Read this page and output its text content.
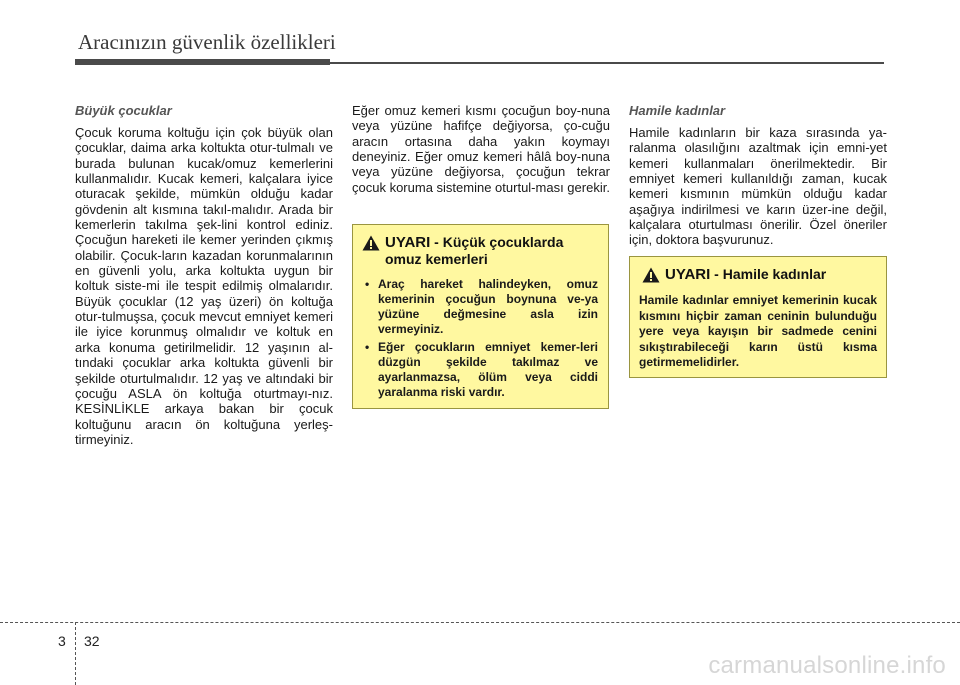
Aracınızın güvenlik özellikleri

Büyük çocuklar

Çocuk koruma koltuğu için çok büyük olan çocuklar, daima arka koltukta otur-tulmalı ve burada bulunan kucak/omuz kemerlerini kullanmalıdır. Kucak kemeri, kalçalara iyice oturacak şekilde, mümkün olduğu kadar gövdenin alt kısmına takıl-malıdır. Arada bir kemerlerin takılma şek-lini kontrol ediniz. Çocuğun hareketi ile kemer yerinden çıkmış olabilir. Çocuk-ların kazadan korunmalarının en güvenli yolu, arka koltukta uygun bir koltuk siste-mi ile tespit edilmiş olmalarıdır. Büyük çocuklar (12 yaş üzeri) ön koltuğa otur-tulmuşsa, çocuk mevcut emniyet kemeri ile iyice korunmuş olmalıdır ve koltuk en arka konuma getirilmelidir. 12 yaşının al-tındaki çocuklar arka koltukta güvenli bir şekilde oturtulmalıdır. 12 yaş ve altındaki bir çocuğu ASLA ön koltuğa oturtmayı-nız. KESİNLİKLE arkaya bakan bir çocuk koltuğunu aracın ön koltuğuna yerleş-tirmeyiniz.

Eğer omuz kemeri kısmı çocuğun boy-nuna veya yüzüne hafifçe değiyorsa, ço-cuğu aracın ortasına daha yakın koymayı deneyiniz. Eğer omuz kemeri hâlâ boy-nuna veya yüzüne değiyorsa, çocuğun tekrar çocuk koruma sistemine oturtul-ması gerekir.

UYARI - Küçük çocuklarda
omuz kemerleri
• Araç hareket halindeyken, omuz kemerinin çocuğun boynuna ve-ya yüzüne değmesine asla izin vermeyiniz.
• Eğer çocukların emniyet kemer-leri düzgün şekilde takılmaz ve ayarlanmazsa, ölüm veya ciddi yaralanma riski vardır.

Hamile kadınlar

Hamile kadınların bir kaza sırasında ya-ralanma olasılığını azaltmak için emni-yet kemeri kullanmaları önerilmektedir. Bir emniyet kemeri kullanıldığı zaman, kucak kemeri kısmının mümkün olduğu kadar aşağıya indirilmesi ve karın üzer-ine değil, kalçalara oturtulması önerilir. Özel öneriler için, doktora başvurunuz.

UYARI - Hamile kadınlar

Hamile kadınlar emniyet kemerinin kucak kısmını hiçbir zaman ceninin bulunduğu yere veya kayışın bir sadmede cenini sıkıştırabileceği karın üstü kısma getirmemelidirler.

3 32
carmanualsonline.info
